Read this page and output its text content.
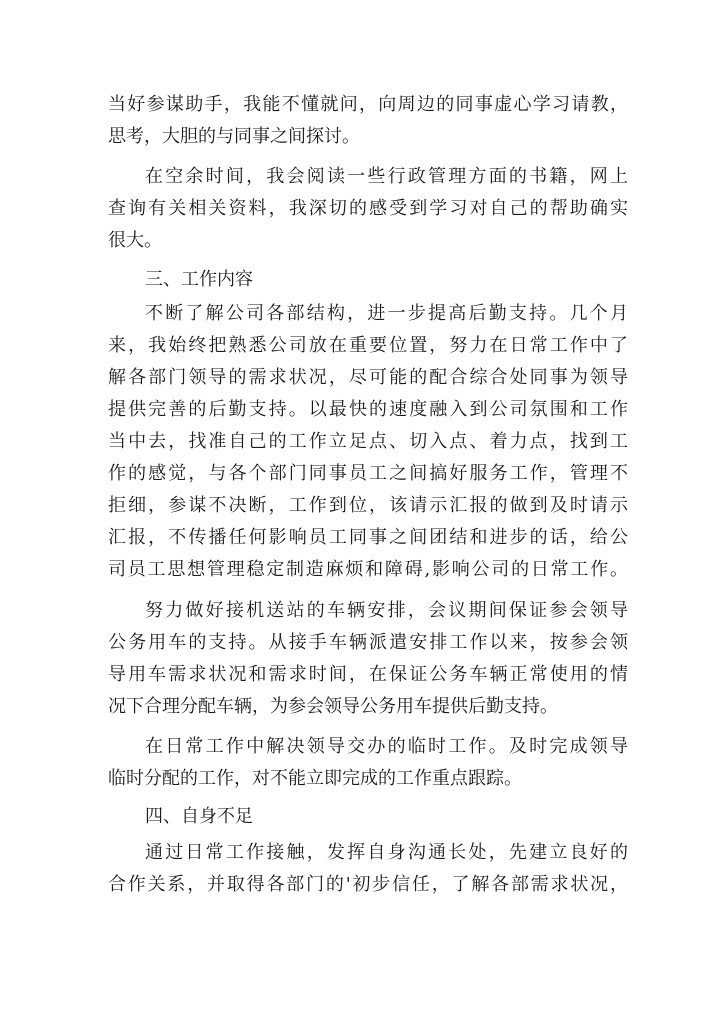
当好参谋助手，我能不懂就问，向周边的同事虚心学习请教，
思考，大胆的与同事之间探讨。
在空余时间，我会阅读一些行政管理方面的书籍，网上
查询有关相关资料，我深切的感受到学习对自己的帮助确实
很大。
三、工作内容
不断了解公司各部结构，进一步提高后勤支持。几个月
来，我始终把熟悉公司放在重要位置，努力在日常工作中了
解各部门领导的需求状况，尽可能的配合综合处同事为领导
提供完善的后勤支持。以最快的速度融入到公司氛围和工作
当中去，找准自己的工作立足点、切入点、着力点，找到工
作的感觉，与各个部门同事员工之间搞好服务工作，管理不
拒细，参谋不决断，工作到位，该请示汇报的做到及时请示
汇报，不传播任何影响员工同事之间团结和进步的话，给公
司员工思想管理稳定制造麻烦和障碍,影响公司的日常工作。
努力做好接机送站的车辆安排，会议期间保证参会领导
公务用车的支持。从接手车辆派遣安排工作以来，按参会领
导用车需求状况和需求时间，在保证公务车辆正常使用的情
况下合理分配车辆，为参会领导公务用车提供后勤支持。
在日常工作中解决领导交办的临时工作。及时完成领导
临时分配的工作，对不能立即完成的工作重点跟踪。
四、自身不足
通过日常工作接触，发挥自身沟通长处，先建立良好的
合作关系，并取得各部门的'初步信任，了解各部需求状况，
